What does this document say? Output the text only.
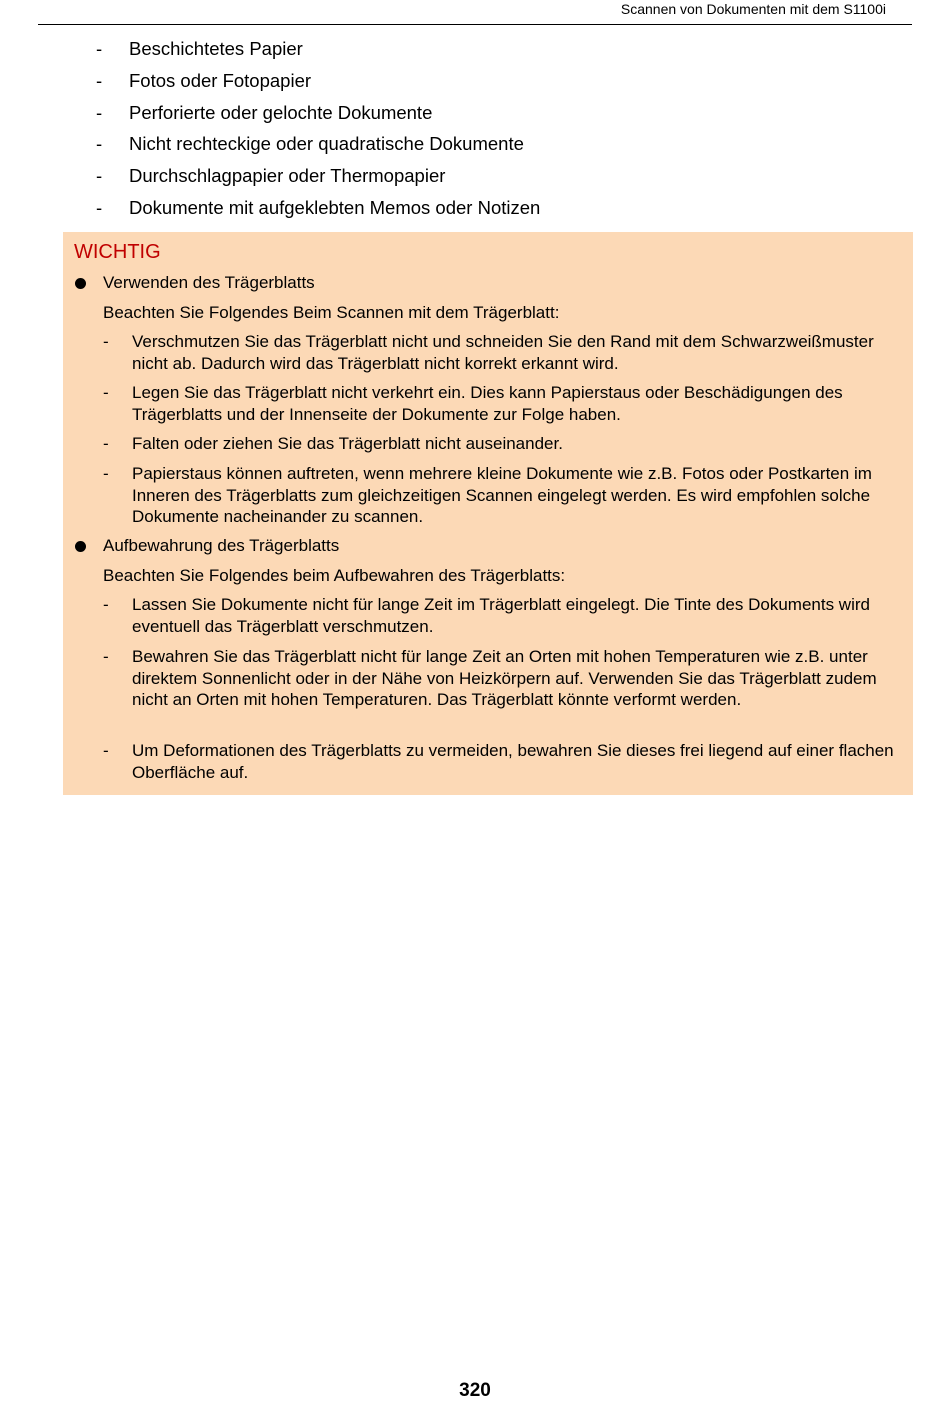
Scannen von Dokumenten mit dem S1100i
- Beschichtetes Papier
- Fotos oder Fotopapier
- Perforierte oder gelochte Dokumente
- Nicht rechteckige oder quadratische Dokumente
- Durchschlagpapier oder Thermopapier
- Dokumente mit aufgeklebten Memos oder Notizen
WICHTIG
Verwenden des Trägerblatts
Beachten Sie Folgendes Beim Scannen mit dem Trägerblatt:
- Verschmutzen Sie das Trägerblatt nicht und schneiden Sie den Rand mit dem Schwarzweißmuster nicht ab. Dadurch wird das Trägerblatt nicht korrekt erkannt wird.
- Legen Sie das Trägerblatt nicht verkehrt ein. Dies kann Papierstaus oder Beschädigungen des Trägerblatts und der Innenseite der Dokumente zur Folge haben.
- Falten oder ziehen Sie das Trägerblatt nicht auseinander.
- Papierstaus können auftreten, wenn mehrere kleine Dokumente wie z.B. Fotos oder Postkarten im Inneren des Trägerblatts zum gleichzeitigen Scannen eingelegt werden. Es wird empfohlen solche Dokumente nacheinander zu scannen.
Aufbewahrung des Trägerblatts
Beachten Sie Folgendes beim Aufbewahren des Trägerblatts:
- Lassen Sie Dokumente nicht für lange Zeit im Trägerblatt eingelegt. Die Tinte des Dokuments wird eventuell das Trägerblatt verschmutzen.
- Bewahren Sie das Trägerblatt nicht für lange Zeit an Orten mit hohen Temperaturen wie z.B. unter direktem Sonnenlicht oder in der Nähe von Heizkörpern auf. Verwenden Sie das Trägerblatt zudem nicht an Orten mit hohen Temperaturen. Das Trägerblatt könnte verformt werden.
- Um Deformationen des Trägerblatts zu vermeiden, bewahren Sie dieses frei liegend auf einer flachen Oberfläche auf.
320
